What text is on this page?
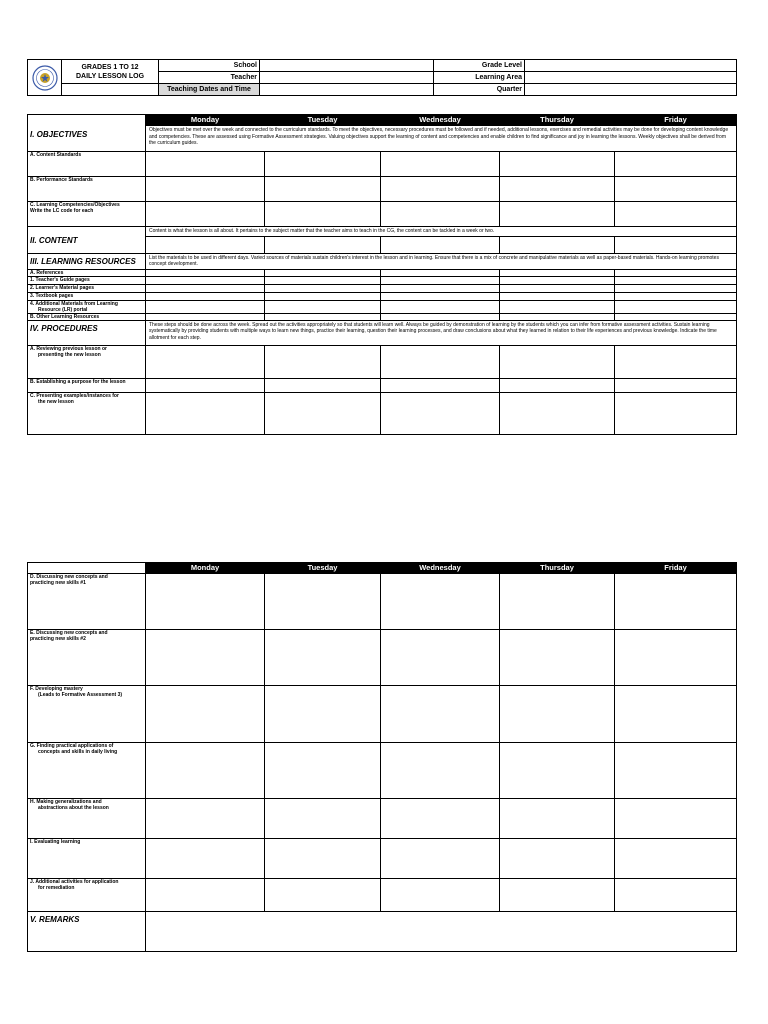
	GRADES 1 TO 12
DAILY LESSON LOG	School		Grade Level	
		Teacher		Learning Area	
		Teaching Dates and Time		Quarter	
I. OBJECTIVES	Monday	Tuesday	Wednesday	Thursday	Friday
	Objectives must be met over the week and connected to the curriculum standards. To meet the objectives, necessary procedures must be followed and if needed, additional lessons, exercises and remedial activities may be done for developing content knowledge and competencies. These are assessed using Formative Assessment strategies. Valuing objectives support the learning of content and competencies and enable children to find significance and joy in learning the lessons. Weekly objectives shall be derived from the curriculum guides.				
A. Content Standards					
B. Performance Standards					
C. Learning Competencies/Objectives
Write the LC code for each					
II. CONTENT	Content is what the lesson is all about. It pertains to the subject matter that the teacher aims to teach in the CG, the content can be tackled in a week or two.				

III. LEARNING RESOURCES	List the materials to be used in different days. Varied sources of materials sustain children's interest in the lesson and in learning. Ensure that there is a mix of concrete and manipulative materials as well as paper-based materials. Hands-on learning promotes concept development.				
A. References					
1. Teacher's Guide pages					
2. Learner's Material pages					
3. Textbook pages					
4. Additional Materials from Learning

Resource (LR) portal					

B. Other Learning Resources					
IV. PROCEDURES	These steps should be done across the week. Spread out the activities appropriately so that students will learn well. Always be guided by demonstration of learning by the students which you can infer from formative assessment activities. Sustain learning systematically by providing students with multiple ways to learn new things, practice their learning, question their learning processes, and draw conclusions about what they learned in relation to their life experiences and previous knowledge. Indicate the time allotment for each step.				
A. Reviewing previous lesson or

presenting the new lesson					

B. Establishing a purpose for the lesson					
C. Presenting examples/instances for

the new lesson					

	Monday	Tuesday	Wednesday	Thursday	Friday
D. Discussing new concepts and
practicing new skills #1					
E. Discussing new concepts and
practicing new skills #2					
F. Developing mastery

(Leads to Formative Assessment 3)					

G. Finding practical applications of

concepts and skills in daily living					

H. Making generalizations and

abstractions about the lesson					

I. Evaluating learning					
J. Additional activities for application

for remediation					

V. REMARKS					
